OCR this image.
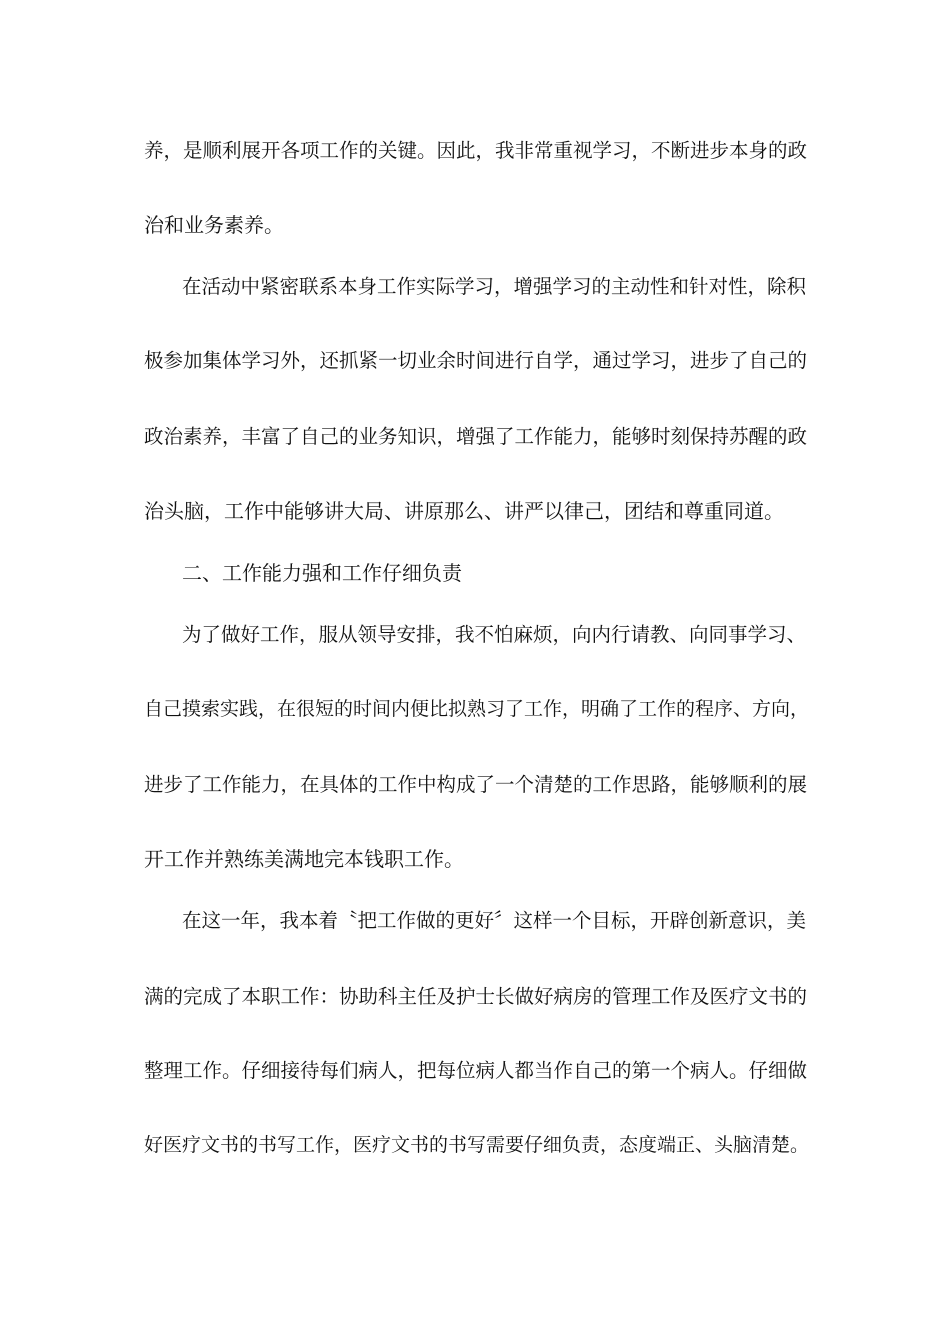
养，是顺利展开各项工作的关键。因此，我非常重视学习，不断进步本身的政
治和业务素养。
在活动中紧密联系本身工作实际学习，增强学习的主动性和针对性，除积
极参加集体学习外，还抓紧一切业余时间进行自学，通过学习，进步了自己的
政治素养，丰富了自己的业务知识，增强了工作能力，能够时刻保持苏醒的政
治头脑，工作中能够讲大局、讲原那么、讲严以律己，团结和尊重同道。
二、工作能力强和工作仔细负责
为了做好工作，服从领导安排，我不怕麻烦，向内行请教、向同事学习、
自己摸索实践，在很短的时间内便比拟熟习了工作，明确了工作的程序、方向，
进步了工作能力，在具体的工作中构成了一个清楚的工作思路，能够顺利的展
开工作并熟练美满地完本钱职工作。
在这一年，我本着〝把工作做的更好〞这样一个目标，开辟创新意识，美
满的完成了本职工作：协助科主任及护士长做好病房的管理工作及医疗文书的
整理工作。仔细接待每们病人，把每位病人都当作自己的第一个病人。仔细做
好医疗文书的书写工作，医疗文书的书写需要仔细负责，态度端正、头脑清楚。
